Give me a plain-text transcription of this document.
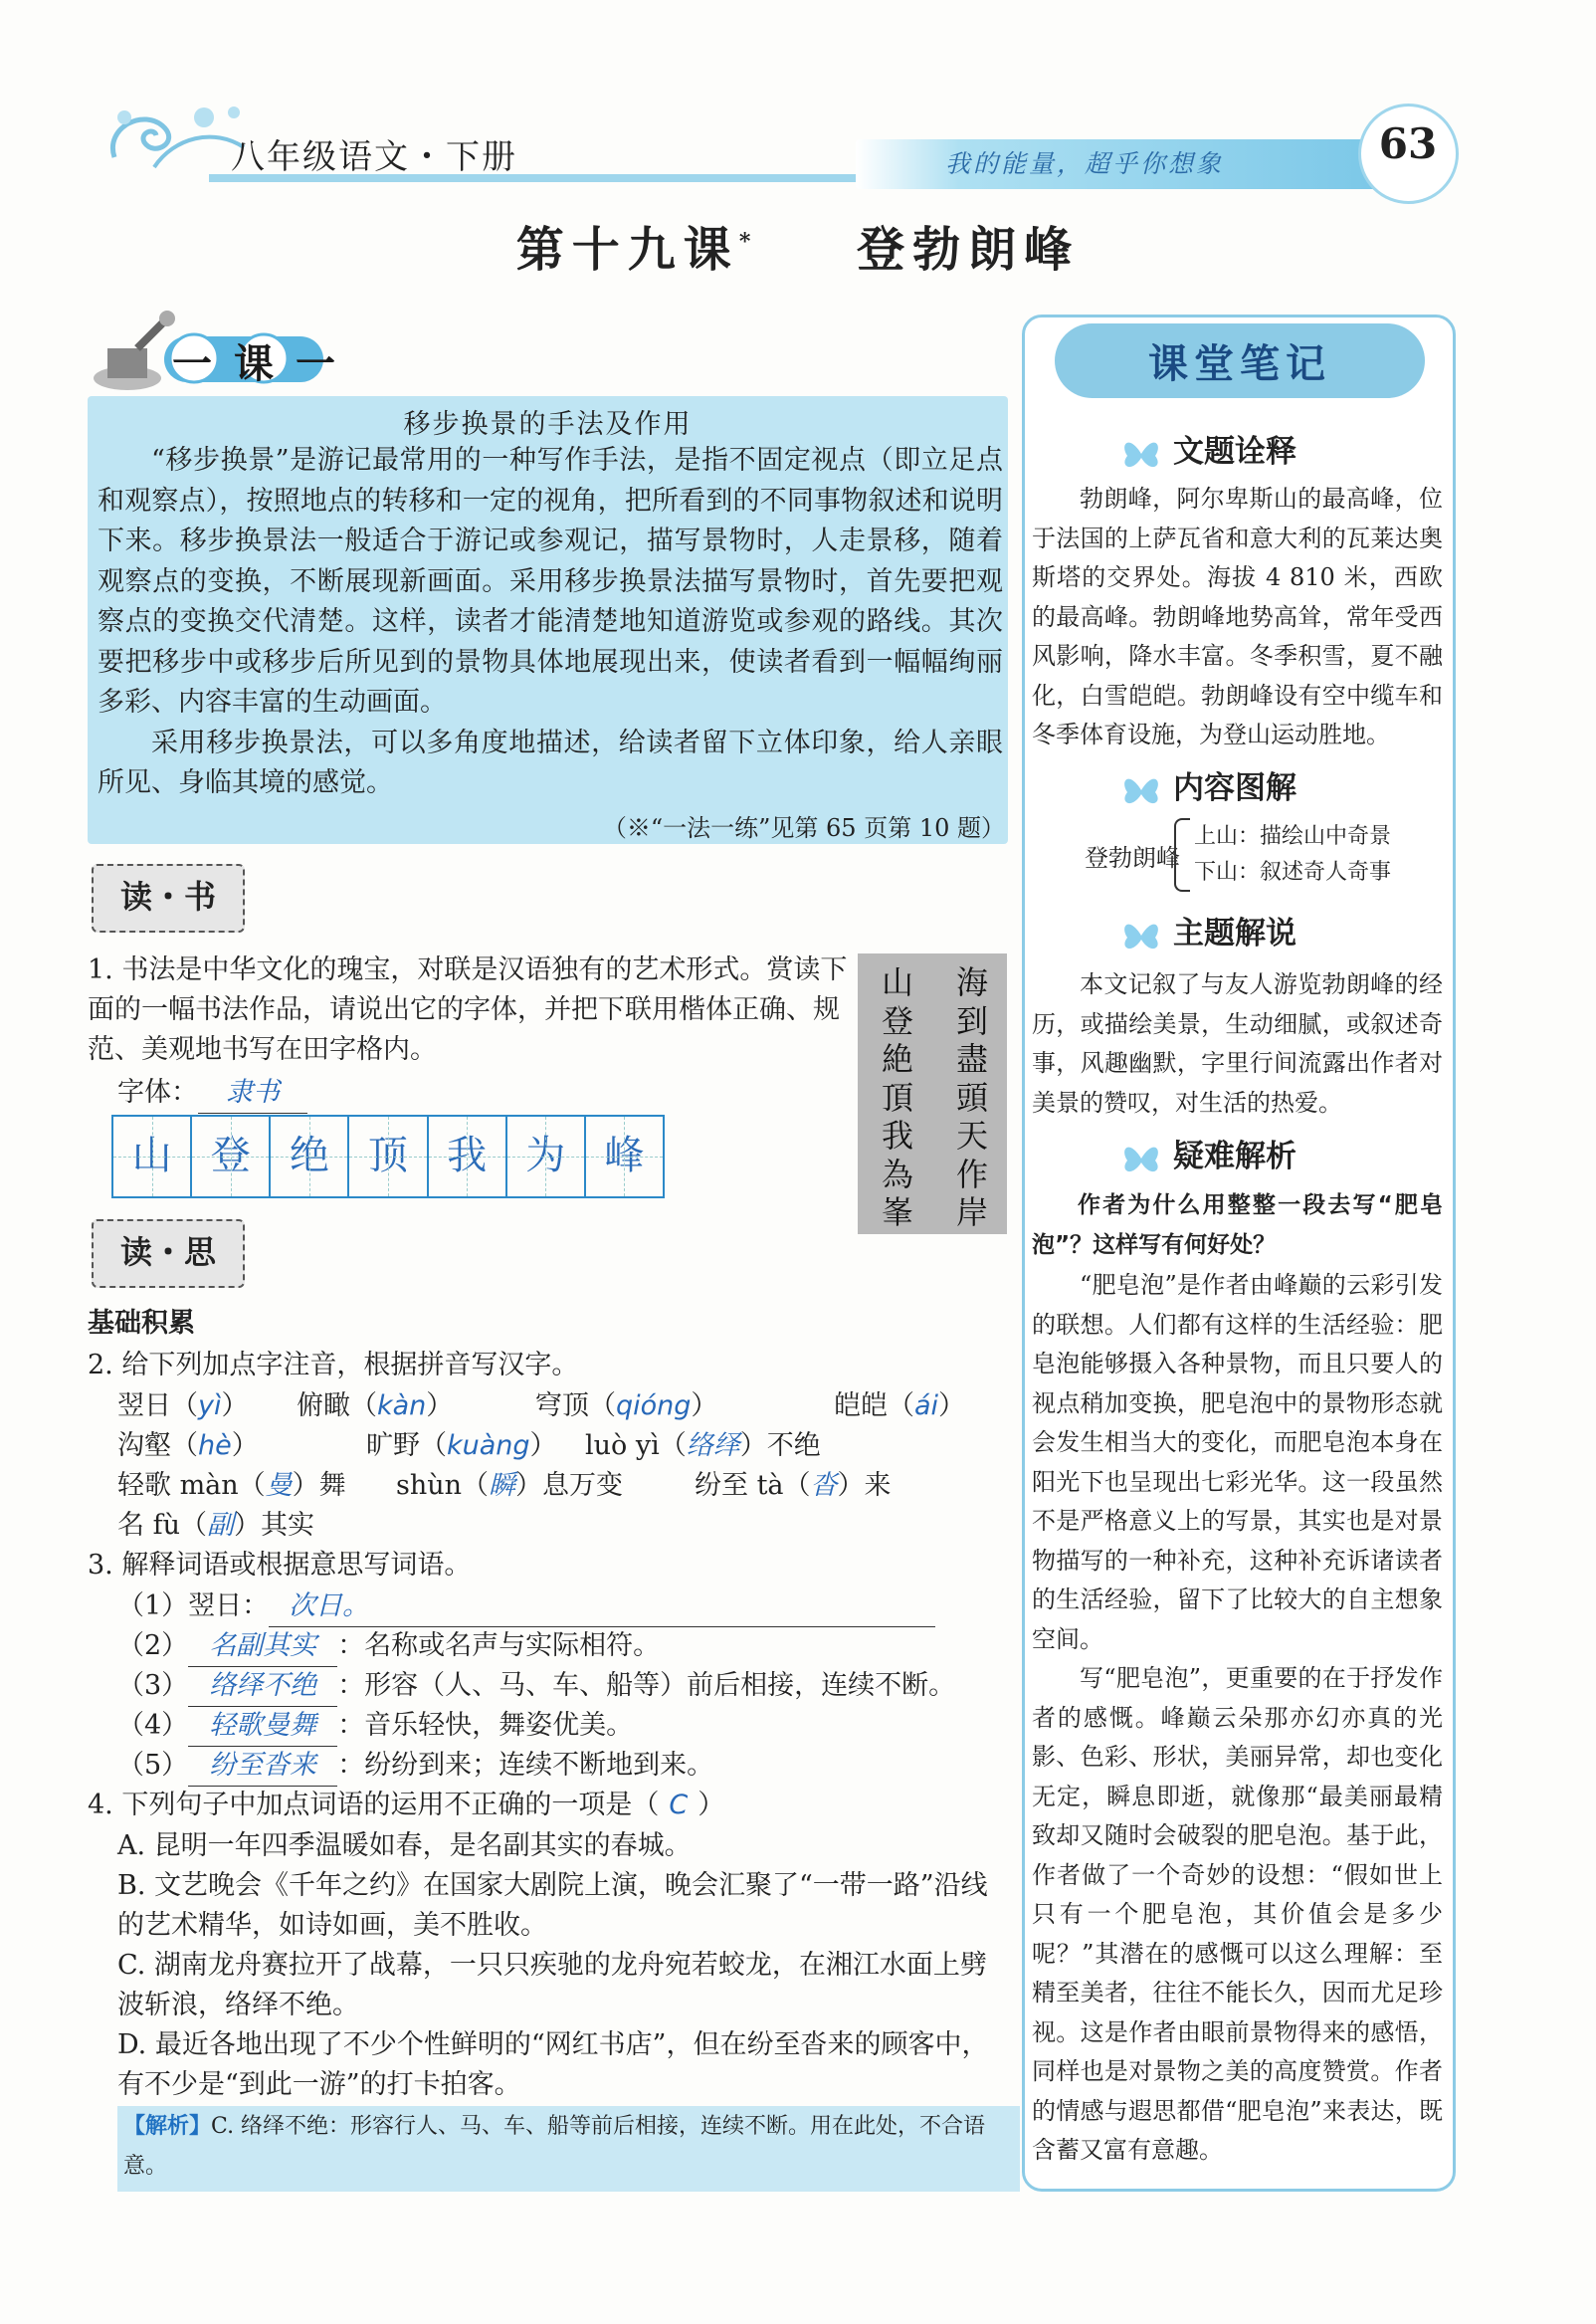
八年级语文・下册	我的能量，超乎你想象	63
第十九课* 登勃朗峰
一课一
移步换景的手法及作用

“移步换景”是游记最常用的一种写作手法，是指不固定视点（即立足点和观察点），按照地点的转移和一定的视角，把所看到的不同事物叙述和说明下来。移步换景法一般适合于游记或参观记，描写景物时，人走景移，随着观察点的变换，不断展现新画面。采用移步换景法描写景物时，首先要把观察点的变换交代清楚。这样，读者才能清楚地知道游览或参观的路线。其次要把移步中或移步后所见到的景物具体地展现出来，使读者看到一幅幅绚丽多彩、内容丰富的生动画面。

采用移步换景法，可以多角度地描述，给读者留下立体印象，给人亲眼所见、身临其境的感觉。

（※“一法一练”见第 65 页第 10 题）
读・书
1. 书法是中华文化的瑰宝，对联是汉语独有的艺术形式。赏读下面的一幅书法作品，请说出它的字体，并把下联用楷体正确、规范、美观地书写在田字格内。
字体： 隶书
海到盡頭天作岸
山登絶頂我為峯
山 登 绝 顶 我 为 峰
读・思
基础积累
2. 给下列加点字注音，根据拼音写汉字。
翌日（yì） 俯瞰（kàn）	穹顶（qióng）	皑皑（ái）
沟壑（hè）	旷野（kuàng） luò yì（络绎）不绝
轻歌 màn（曼）舞 shùn（瞬）息万变	纷至 tà（沓）来
名 fù（副）其实
3. 解释词语或根据意思写词语。
（1）翌日： 次日。
（2） 名副其实 ：名称或名声与实际相符。
（3） 络绎不绝 ：形容（人、马、车、船等）前后相接，连续不断。
（4） 轻歌曼舞 ：音乐轻快，舞姿优美。
（5） 纷至沓来 ：纷纷到来；连续不断地到来。
4. 下列句子中加点词语的运用不正确的一项是（ C ）
A. 昆明一年四季温暖如春，是名副其实的春城。
B. 文艺晚会《千年之约》在国家大剧院上演，晚会汇聚了“一带一路”沿线的艺术精华，如诗如画，美不胜收。
C. 湖南龙舟赛拉开了战幕，一只只疾驰的龙舟宛若蛟龙，在湘江水面上劈波斩浪，络绎不绝。
D. 最近各地出现了不少个性鲜明的“网红书店”，但在纷至沓来的顾客中，有不少是“到此一游”的打卡拍客。
【解析】C. 络绎不绝：形容行人、马、车、船等前后相接，连续不断。用在此处，不合语意。
课堂笔记
文题诠释

勃朗峰，阿尔卑斯山的最高峰，位于法国的上萨瓦省和意大利的瓦莱达奥斯塔的交界处。海拔 4 810 米，西欧的最高峰。勃朗峰地势高耸，常年受西风影响，降水丰富。冬季积雪，夏不融化，白雪皑皑。勃朗峰设有空中缆车和冬季体育设施，为登山运动胜地。

内容图解
登勃朗峰
上山：描绘山中奇景
下山：叙述奇人奇事
主题解说

本文记叙了与友人游览勃朗峰的经历，或描绘美景，生动细腻，或叙述奇事，风趣幽默，字里行间流露出作者对美景的赞叹，对生活的热爱。

疑难解析

作者为什么用整整一段去写“肥皂泡”？这样写有何好处？

“肥皂泡”是作者由峰巅的云彩引发的联想。人们都有这样的生活经验：肥皂泡能够摄入各种景物，而且只要人的视点稍加变换，肥皂泡中的景物形态就会发生相当大的变化，而肥皂泡本身在阳光下也呈现出七彩光华。这一段虽然不是严格意义上的写景，其实也是对景物描写的一种补充，这种补充诉诸读者的生活经验，留下了比较大的自主想象空间。

写“肥皂泡”，更重要的在于抒发作者的感慨。峰巅云朵那亦幻亦真的光影、色彩、形状，美丽异常，却也变化无定，瞬息即逝，就像那“最美丽最精致却又随时会破裂的肥皂泡。基于此，作者做了一个奇妙的设想：“假如世上只有一个肥皂泡，其价值会是多少呢？”其潜在的感慨可以这么理解：至精至美者，往往不能长久，因而尤足珍视。这是作者由眼前景物得来的感悟，同样也是对景物之美的高度赞赏。作者的情感与遐思都借“肥皂泡”来表达，既含蓄又富有意趣。
